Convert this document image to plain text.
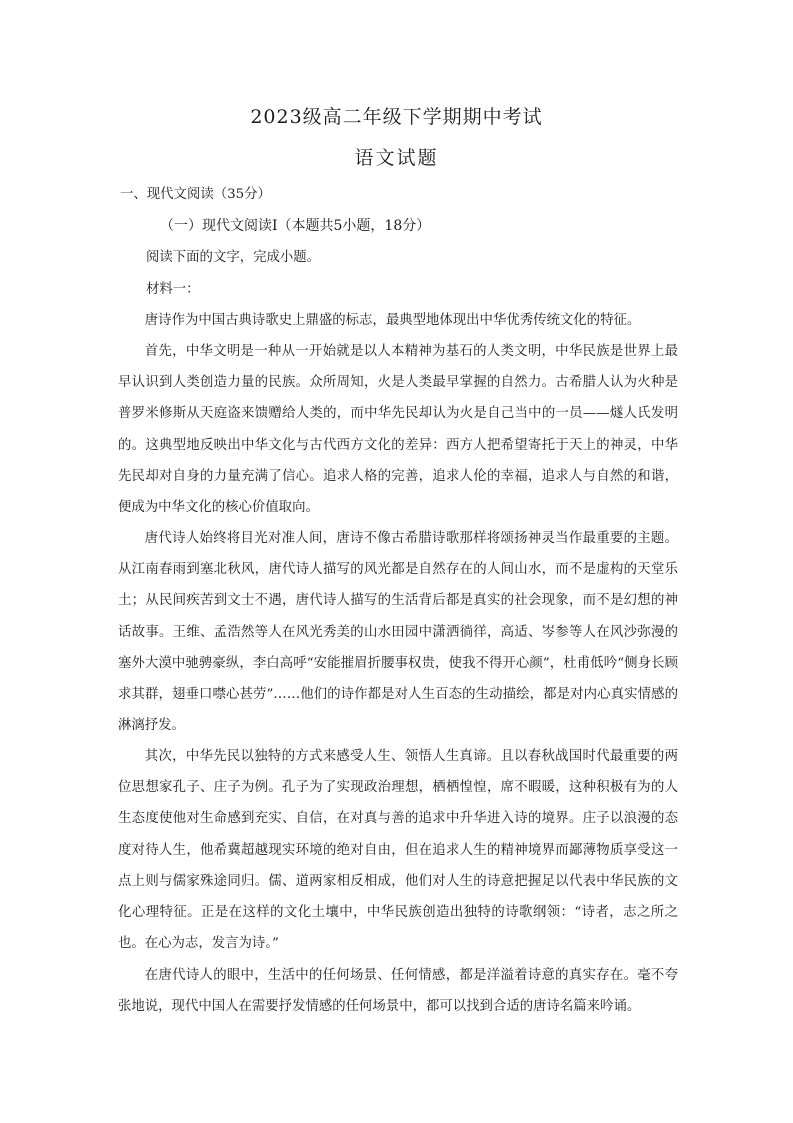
2023级高二年级下学期期中考试
语文试题
一、现代文阅读（35分）
（一）现代文阅读Ⅰ（本题共5小题，18分）
阅读下面的文字，完成小题。
材料一：
唐诗作为中国古典诗歌史上鼎盛的标志，最典型地体现出中华优秀传统文化的特征。
首先，中华文明是一种从一开始就是以人本精神为基石的人类文明，中华民族是世界上最早认识到人类创造力量的民族。众所周知，火是人类最早掌握的自然力。古希腊人认为火种是普罗米修斯从天庭盗来馈赠给人类的，而中华先民却认为火是自己当中的一员——燧人氏发明的。这典型地反映出中华文化与古代西方文化的差异：西方人把希望寄托于天上的神灵，中华先民却对自身的力量充满了信心。追求人格的完善，追求人伦的幸福，追求人与自然的和谐，便成为中华文化的核心价值取向。
唐代诗人始终将目光对准人间，唐诗不像古希腊诗歌那样将颂扬神灵当作最重要的主题。从江南春雨到塞北秋风，唐代诗人描写的风光都是自然存在的人间山水，而不是虚构的天堂乐土；从民间疾苦到文士不遇，唐代诗人描写的生活背后都是真实的社会现象，而不是幻想的神话故事。王维、孟浩然等人在风光秀美的山水田园中潇洒徜徉，高适、岑参等人在风沙弥漫的塞外大漠中驰骋豪纵，李白高呼“安能摧眉折腰事权贵，使我不得开心颜”，杜甫低吟“侧身长顾求其群，翅垂口噤心甚劳”……他们的诗作都是对人生百态的生动描绘，都是对内心真实情感的淋漓抒发。
其次，中华先民以独特的方式来感受人生、领悟人生真谛。且以春秋战国时代最重要的两位思想家孔子、庄子为例。孔子为了实现政治理想，栖栖惶惶，席不暇暖，这种积极有为的人生态度使他对生命感到充实、自信，在对真与善的追求中升华进入诗的境界。庄子以浪漫的态度对待人生，他希冀超越现实环境的绝对自由，但在追求人生的精神境界而鄙薄物质享受这一点上则与儒家殊途同归。儒、道两家相反相成，他们对人生的诗意把握足以代表中华民族的文化心理特征。正是在这样的文化土壤中，中华民族创造出独特的诗歌纲领：“诗者，志之所之也。在心为志，发言为诗。”
在唐代诗人的眼中，生活中的任何场景、任何情感，都是洋溢着诗意的真实存在。毫不夸张地说，现代中国人在需要抒发情感的任何场景中，都可以找到合适的唐诗名篇来吟诵。
